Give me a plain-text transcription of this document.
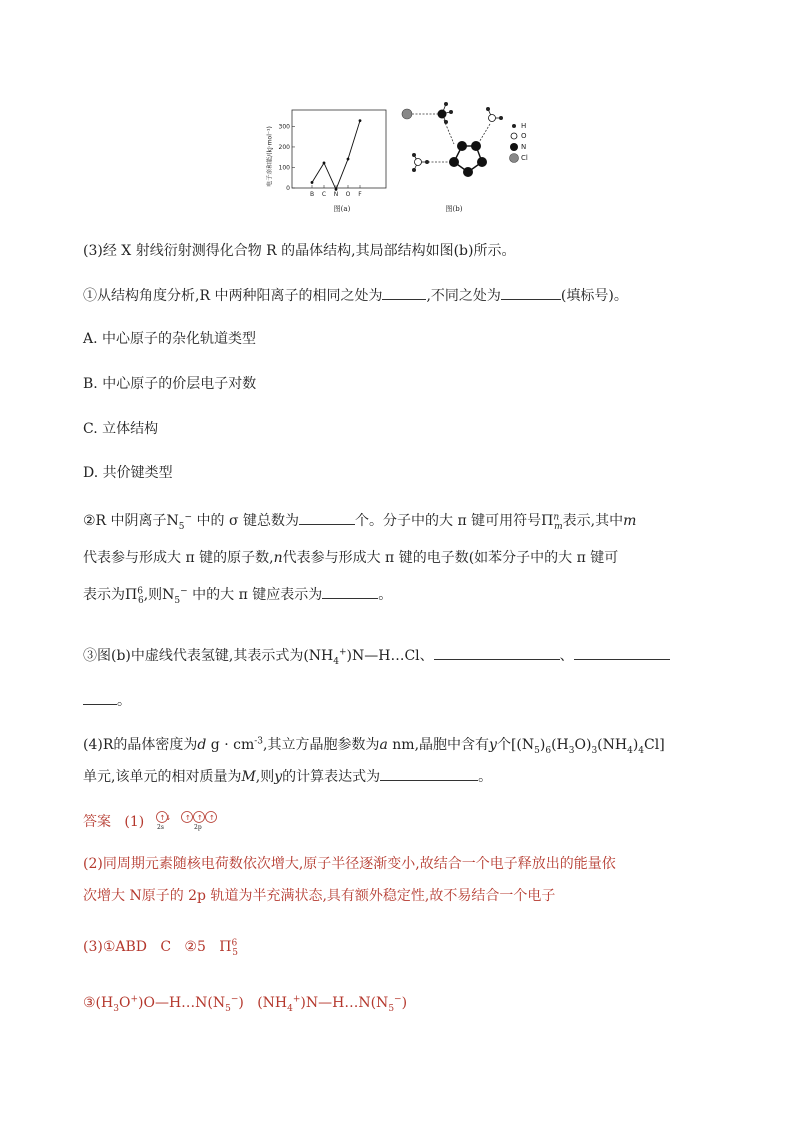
0
100
200
300
B C N O F
电子亲和能/(kJ·mol⁻¹)
图(a)
H
O
N
Cl
图(b)
(3)经 X 射线衍射测得化合物 R 的晶体结构,其局部结构如图(b)所示。
①从结构角度分析,R 中两种阳离子的相同之处为	,不同之处为	(填标号)。
A. 中心原子的杂化轨道类型
B. 中心原子的价层电子对数
C. 立体结构
D. 共价键类型
②R 中阴离子$N_5^-$ 中的 σ 键总数为	个。分子中的大 π 键可用符号$\Pi^n_m$表示,其中m
代表参与形成大 π 键的原子数,n代表参与形成大 π 键的电子数(如苯分子中的大 π 键可
表示为$\Pi^6_6$,则$N_5^-$ 中的大 π 键应表示为	。
③图(b)中虚线代表氢键,其表示式为$(NH_4^+)N—H\dots Cl$、	、
。
(4)R的晶体密度为d $g \cdot cm^{-3}$,其立方晶胞参数为a nm,晶胞中含有y个$[(N_5)_6(H_3O)_3(NH_4)_4Cl]$
单元,该单元的相对质量为M,则y的计算表达式为	。
答案 (1) ↑↓ ↑ ↑ ↑
2s	2p
(2)同周期元素随核电荷数依次增大,原子半径逐渐变小,故结合一个电子释放出的能量依
次增大 N原子的 2p 轨道为半充满状态,具有额外稳定性,故不易结合一个电子
(3)①ABD   C   ②5   $\Pi^6_5$
$③(H_3O^+)O—H\dots N(N_5^-)$   $(NH_4^+)N—H\dots N(N_5^-)$
